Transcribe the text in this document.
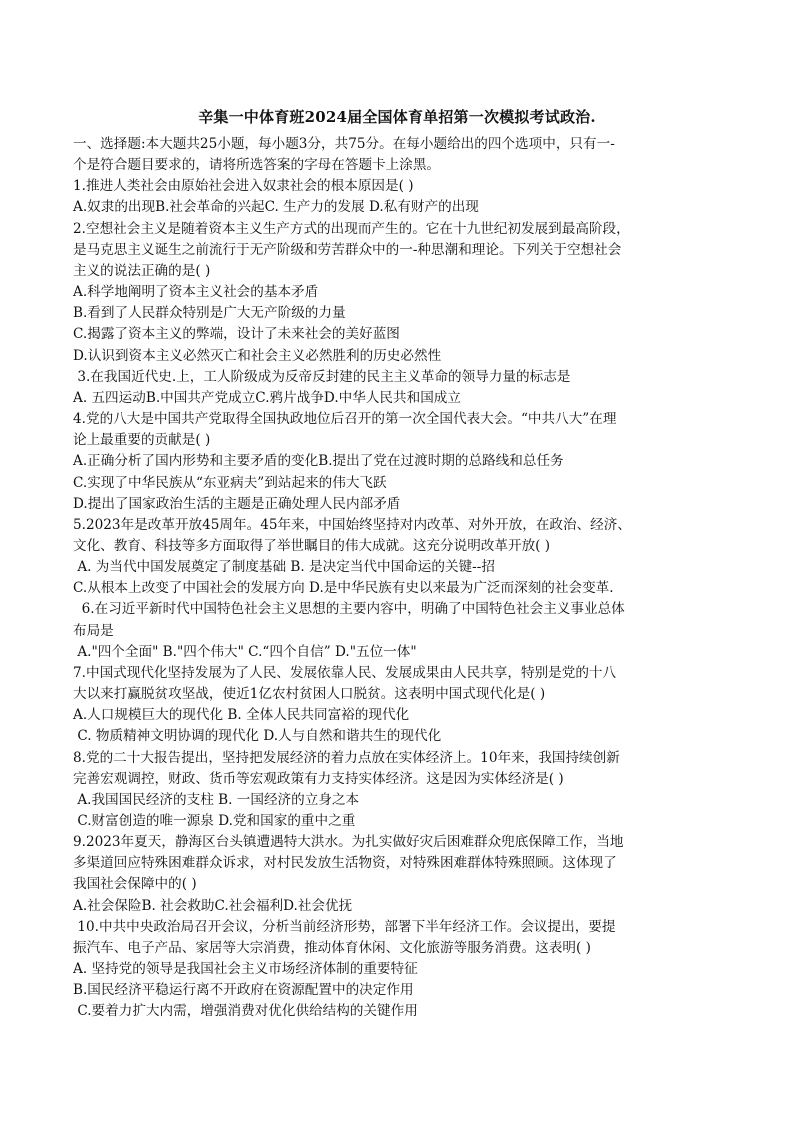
辛集一中体育班2024届全国体育单招第一次模拟考试政治.
一、选择题:本大题共25小题，每小题3分，共75分。在每小题给出的四个选项中，只有一-
个是符合题目要求的，请将所选答案的字母在答题卡上涂黑。
1.推进人类社会由原始社会进入奴隶社会的根本原因是( )
A.奴隶的出现B.社会革命的兴起C. 生产力的发展 D.私有财产的出现
2.空想社会主义是随着资本主义生产方式的出现而产生的。它在十九世纪初发展到最高阶段，
是马克思主义诞生之前流行于无产阶级和劳苦群众中的一-种思潮和理论。下列关于空想社会
主义的说法正确的是( )
A.科学地阐明了资本主义社会的基本矛盾
B.看到了人民群众特别是广大无产阶级的力量
C.揭露了资本主义的弊端，设计了未来社会的美好蓝图
D.认识到资本主义必然灭亡和社会主义必然胜利的历史必然性
3.在我国近代史.上，工人阶级成为反帝反封建的民主主义革命的领导力量的标志是
A. 五四运动B.中国共产党成立C.鸦片战争D.中华人民共和国成立
4.党的八大是中国共产党取得全国执政地位后召开的第一次全国代表大会。“中共八大”在理
论上最重要的贡献是( )
A.正确分析了国内形势和主要矛盾的变化B.提出了党在过渡时期的总路线和总任务
C.实现了中华民族从“东亚病夫”到站起来的伟大飞跃
D.提出了国家政治生活的主题是正确处理人民内部矛盾
5.2023年是改革开放45周年。45年来，中国始终坚持对内改革、对外开放，在政治、经济、
文化、教育、科技等多方面取得了举世瞩目的伟大成就。这充分说明改革开放( )
A. 为当代中国发展奠定了制度基础 B. 是决定当代中国命运的关键--招
C.从根本上改变了中国社会的发展方向 D.是中华民族有史以来最为广泛而深刻的社会变革.
6.在习近平新时代中国特色社会主义思想的主要内容中，明确了中国特色社会主义事业总体
布局是
A."四个全面" B."四个伟大" C.“四个自信” D."五位一体"
7.中国式现代化坚持发展为了人民、发展依靠人民、发展成果由人民共享，特别是党的十八
大以来打赢脱贫攻坚战，使近1亿农村贫困人口脱贫。这表明中国式现代化是( )
A.人口规模巨大的现代化 B. 全体人民共同富裕的现代化
C. 物质精神文明协调的现代化 D.人与自然和谐共生的现代化
8.党的二十大报告提出，坚持把发展经济的着力点放在实体经济上。10年来，我国持续创新
完善宏观调控，财政、货币等宏观政策有力支持实体经济。这是因为实体经济是( )
A.我国国民经济的支柱 B. 一国经济的立身之本
C.财富创造的唯一源泉 D.党和国家的重中之重
9.2023年夏天，静海区台头镇遭遇特大洪水。为扎实做好灾后困难群众兜底保障工作，当地
多渠道回应特殊困难群众诉求，对村民发放生活物资，对特殊困难群体特殊照顾。这体现了
我国社会保障中的( )
A.社会保险B. 社会救助C.社会福利D.社会优抚
10.中共中央政治局召开会议，分析当前经济形势，部署下半年经济工作。会议提出，要提
振汽车、电子产品、家居等大宗消费，推动体育休闲、文化旅游等服务消费。这表明( )
A. 坚持党的领导是我国社会主义市场经济体制的重要特征
B.国民经济平稳运行离不开政府在资源配置中的决定作用
C.要着力扩大内需，增强消费对优化供给结构的关键作用
